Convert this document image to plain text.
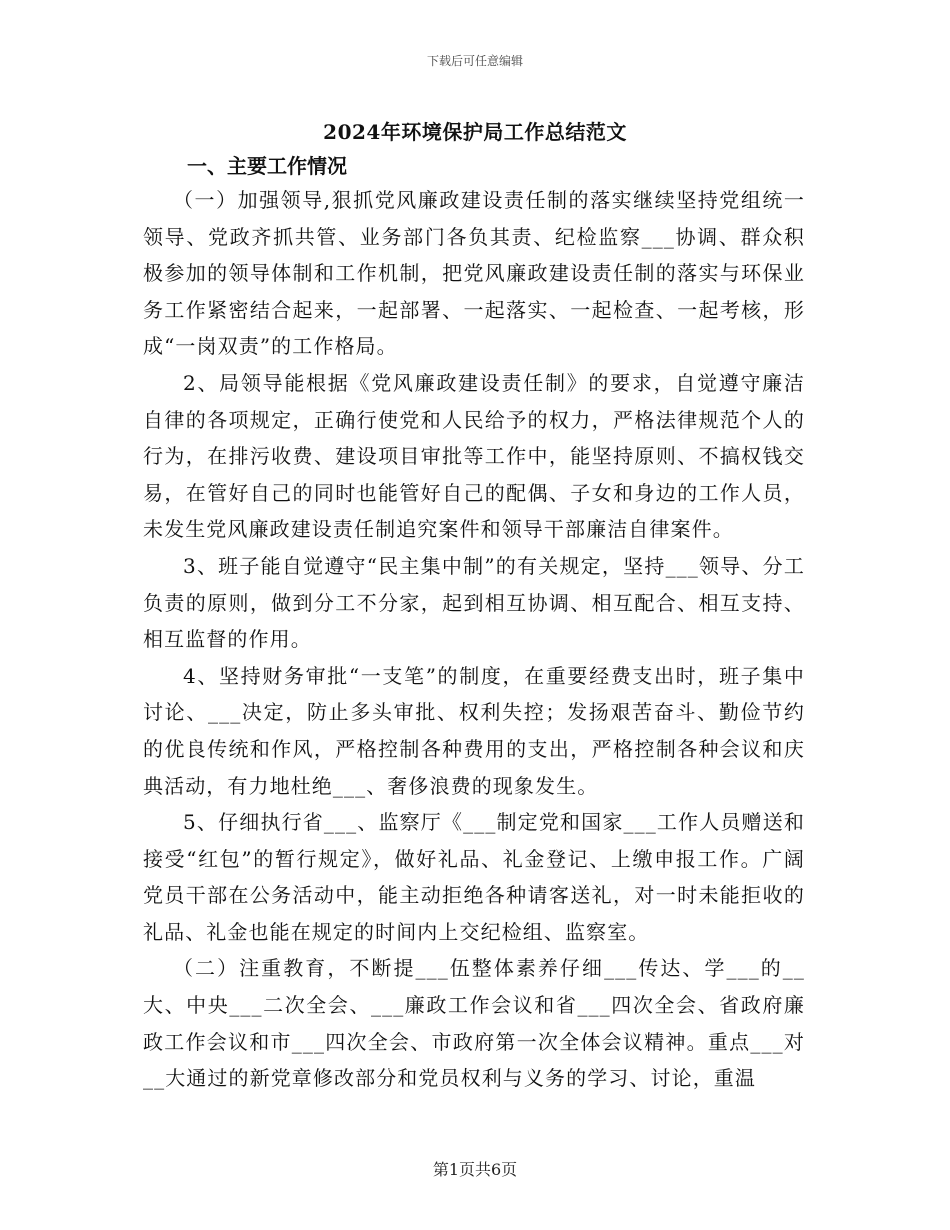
下载后可任意编辑
2024年环境保护局工作总结范文
一、主要工作情况

（一）加强领导,狠抓党风廉政建设责任制的落实继续坚持党组统一领导、党政齐抓共管、业务部门各负其责、纪检监察___协调、群众积极参加的领导体制和工作机制，把党风廉政建设责任制的落实与环保业务工作紧密结合起来，一起部署、一起落实、一起检查、一起考核，形成“一岗双责”的工作格局。

2、局领导能根据《党风廉政建设责任制》的要求，自觉遵守廉洁自律的各项规定，正确行使党和人民给予的权力，严格法律规范个人的行为，在排污收费、建设项目审批等工作中，能坚持原则、不搞权钱交易，在管好自己的同时也能管好自己的配偶、子女和身边的工作人员，未发生党风廉政建设责任制追究案件和领导干部廉洁自律案件。

3、班子能自觉遵守“民主集中制”的有关规定，坚持___领导、分工负责的原则，做到分工不分家，起到相互协调、相互配合、相互支持、相互监督的作用。

4、坚持财务审批“一支笔”的制度，在重要经费支出时，班子集中讨论、___决定，防止多头审批、权利失控；发扬艰苦奋斗、勤俭节约的优良传统和作风，严格控制各种费用的支出，严格控制各种会议和庆典活动，有力地杜绝___、奢侈浪费的现象发生。

5、仔细执行省___、监察厅《___制定党和国家___工作人员赠送和接受“红包”的暂行规定》，做好礼品、礼金登记、上缴申报工作。广阔党员干部在公务活动中，能主动拒绝各种请客送礼，对一时未能拒收的礼品、礼金也能在规定的时间内上交纪检组、监察室。

（二）注重教育，不断提___伍整体素养仔细___传达、学___的__大、中央___二次全会、___廉政工作会议和省___四次全会、省政府廉政工作会议和市___四次全会、市政府第一次全体会议精神。重点___对__大通过的新党章修改部分和党员权利与义务的学习、讨论，重温

第1页共6页
